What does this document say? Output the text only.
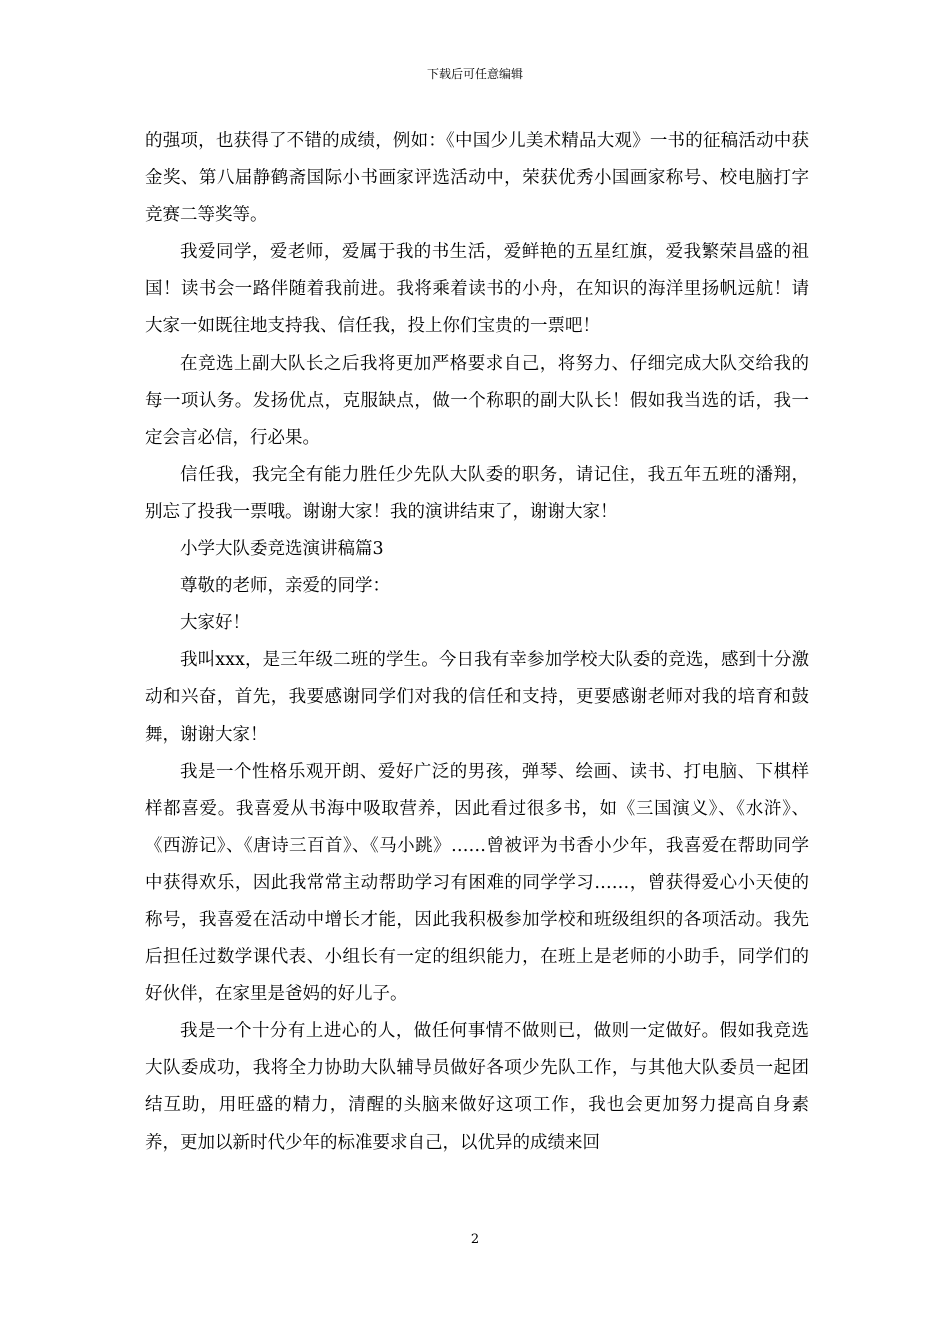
下载后可任意编辑

的强项，也获得了不错的成绩，例如：《中国少儿美术精品大观》一书的征稿活动中获金奖、第八届静鹤斋国际小书画家评选活动中，荣获优秀小国画家称号、校电脑打字竞赛二等奖等。

我爱同学，爱老师，爱属于我的书生活，爱鲜艳的五星红旗，爱我繁荣昌盛的祖国！读书会一路伴随着我前进。我将乘着读书的小舟，在知识的海洋里扬帆远航！请大家一如既往地支持我、信任我，投上你们宝贵的一票吧！

在竞选上副大队长之后我将更加严格要求自己，将努力、仔细完成大队交给我的每一项认务。发扬优点，克服缺点，做一个称职的副大队长！假如我当选的话，我一定会言必信，行必果。

信任我，我完全有能力胜任少先队大队委的职务，请记住，我五年五班的潘翔，别忘了投我一票哦。谢谢大家！我的演讲结束了，谢谢大家！

小学大队委竞选演讲稿篇3

尊敬的老师，亲爱的同学：

大家好！

我叫xxx，是三年级二班的学生。今日我有幸参加学校大队委的竞选，感到十分激动和兴奋，首先，我要感谢同学们对我的信任和支持，更要感谢老师对我的培育和鼓舞，谢谢大家！

我是一个性格乐观开朗、爱好广泛的男孩，弹琴、绘画、读书、打电脑、下棋样样都喜爱。我喜爱从书海中吸取营养，因此看过很多书，如《三国演义》、《水浒》、《西游记》、《唐诗三百首》、《马小跳》……曾被评为书香小少年，我喜爱在帮助同学中获得欢乐，因此我常常主动帮助学习有困难的同学学习……，曾获得爱心小天使的称号，我喜爱在活动中增长才能，因此我积极参加学校和班级组织的各项活动。我先后担任过数学课代表、小组长有一定的组织能力，在班上是老师的小助手，同学们的好伙伴，在家里是爸妈的好儿子。

我是一个十分有上进心的人，做任何事情不做则已，做则一定做好。假如我竞选大队委成功，我将全力协助大队辅导员做好各项少先队工作，与其他大队委员一起团结互助，用旺盛的精力，清醒的头脑来做好这项工作，我也会更加努力提高自身素养，更加以新时代少年的标准要求自己，以优异的成绩来回

2
